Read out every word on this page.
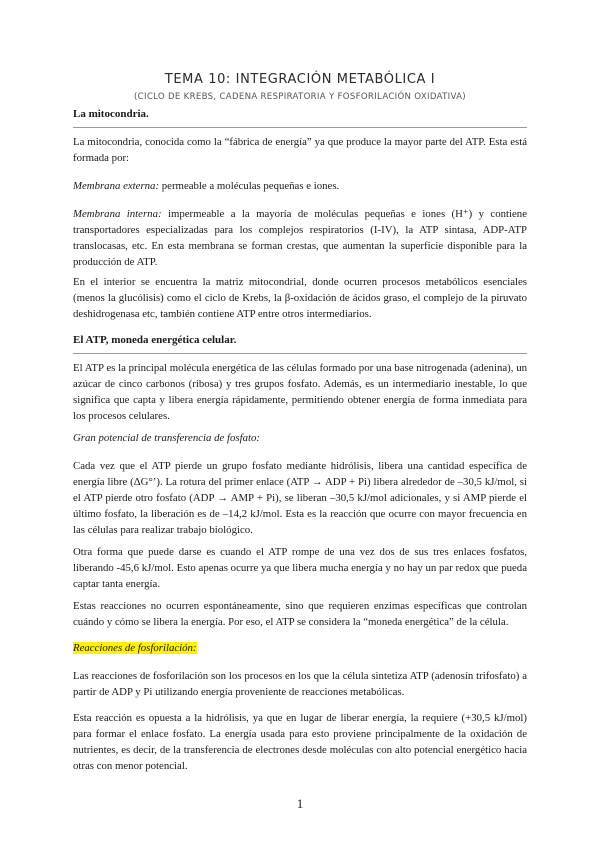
TEMA 10: INTEGRACIÓN METABÓLICA I
(CICLO DE KREBS, CADENA RESPIRATORIA Y FOSFORILACIÓN OXIDATIVA)
La mitocondria.

La mitocondria, conocida como la “fábrica de energía” ya que produce la mayor parte del ATP. Esta está formada por:

Membrana externa: permeable a moléculas pequeñas e iones.

Membrana interna: impermeable a la mayoría de moléculas pequeñas e iones (H⁺) y contiene transportadores especializadas para los complejos respiratorios (I-IV), la ATP sintasa, ADP-ATP translocasas, etc. En esta membrana se forman crestas, que aumentan la superficie disponible para la producción de ATP.

En el interior se encuentra la matriz mitocondrial, donde ocurren procesos metabólicos esenciales (menos la glucólisis) como el ciclo de Krebs, la β-oxidación de ácidos graso, el complejo de la piruvato deshidrogenasa etc, también contiene ATP entre otros intermediarios.

El ATP, moneda energética celular.

El ATP es la principal molécula energética de las células formado por una base nitrogenada (adenina), un azúcar de cinco carbonos (ribosa) y tres grupos fosfato. Además, es un intermediario inestable, lo que significa que capta y libera energía rápidamente, permitiendo obtener energía de forma inmediata para los procesos celulares.

Gran potencial de transferencia de fosfato:

Cada vez que el ATP pierde un grupo fosfato mediante hidrólisis, libera una cantidad específica de energía libre (ΔG°’). La rotura del primer enlace (ATP → ADP + Pi) libera alrededor de –30,5 kJ/mol, si el ATP pierde otro fosfato (ADP → AMP + Pi), se liberan –30,5 kJ/mol adicionales, y si AMP pierde el último fosfato, la liberación es de –14,2 kJ/mol. Esta es la reacción que ocurre con mayor frecuencia en las células para realizar trabajo biológico.

Otra forma que puede darse es cuando el ATP rompe de una vez dos de sus tres enlaces fosfatos, liberando -45,6 kJ/mol. Esto apenas ocurre ya que libera mucha energía y no hay un par redox que pueda captar tanta energía.

Estas reacciones no ocurren espontáneamente, sino que requieren enzimas específicas que controlan cuándo y cómo se libera la energía. Por eso, el ATP se considera la “moneda energética” de la célula.

Reacciones de fosforilación:

Las reacciones de fosforilación son los procesos en los que la célula sintetiza ATP (adenosín trifosfato) a partir de ADP y Pi utilizando energía proveniente de reacciones metabólicas.

Esta reacción es opuesta a la hidrólisis, ya que en lugar de liberar energía, la requiere (+30,5 kJ/mol) para formar el enlace fosfato. La energía usada para esto proviene principalmente de la oxidación de nutrientes, es decir, de la transferencia de electrones desde moléculas con alto potencial energético hacia otras con menor potencial.

1
